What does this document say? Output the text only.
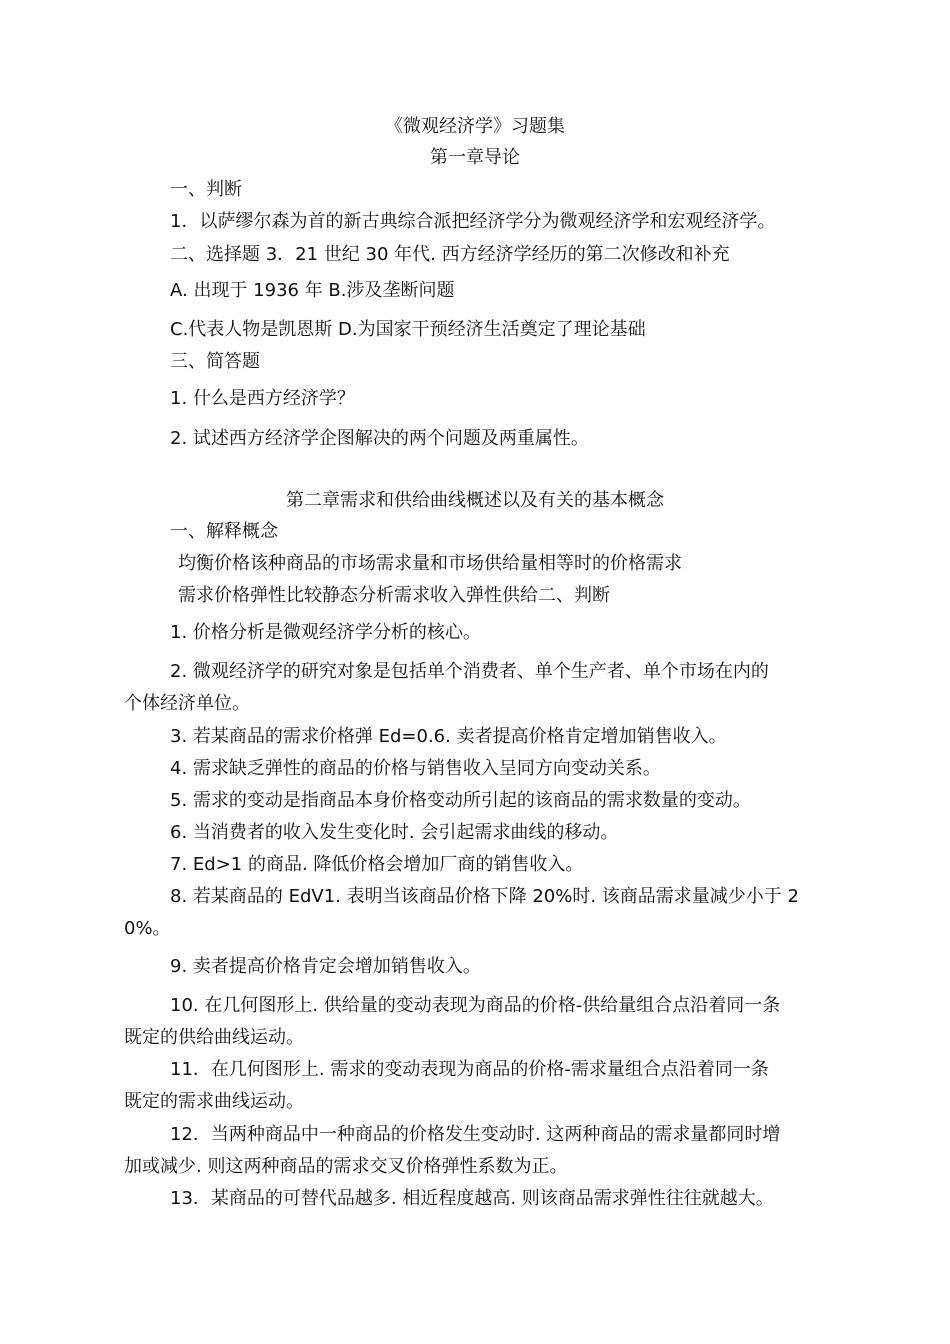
《微观经济学》习题集
第一章导论
一、判断
1．以萨缪尔森为首的新古典综合派把经济学分为微观经济学和宏观经济学。
二、选择题 3．21 世纪 30 年代. 西方经济学经历的第二次修改和补充
A. 出现于 1936 年 B.涉及垄断问题
C.代表人物是凯恩斯 D.为国家干预经济生活奠定了理论基础
三、简答题
1. 什么是西方经济学？
2. 试述西方经济学企图解决的两个问题及两重属性。
第二章需求和供给曲线概述以及有关的基本概念
一、解释概念
均衡价格该种商品的市场需求量和市场供给量相等时的价格需求
需求价格弹性比较静态分析需求收入弹性供给二、判断
1. 价格分析是微观经济学分析的核心。
2. 微观经济学的研究对象是包括单个消费者、单个生产者、单个市场在内的
个体经济单位。
3. 若某商品的需求价格弹 Ed=0.6. 卖者提高价格肯定增加销售收入。
4. 需求缺乏弹性的商品的价格与销售收入呈同方向变动关系。
5. 需求的变动是指商品本身价格变动所引起的该商品的需求数量的变动。
6. 当消费者的收入发生变化时. 会引起需求曲线的移动。
7. Ed>1 的商品. 降低价格会增加厂商的销售收入。
8. 若某商品的 EdV1. 表明当该商品价格下降 20%时. 该商品需求量减少小于 2
0%。
9. 卖者提高价格肯定会增加销售收入。
10. 在几何图形上. 供给量的变动表现为商品的价格-供给量组合点沿着同一条
既定的供给曲线运动。
11．在几何图形上. 需求的变动表现为商品的价格-需求量组合点沿着同一条
既定的需求曲线运动。
12．当两种商品中一种商品的价格发生变动时. 这两种商品的需求量都同时增
加或减少. 则这两种商品的需求交叉价格弹性系数为正。
13．某商品的可替代品越多. 相近程度越高. 则该商品需求弹性往往就越大。
